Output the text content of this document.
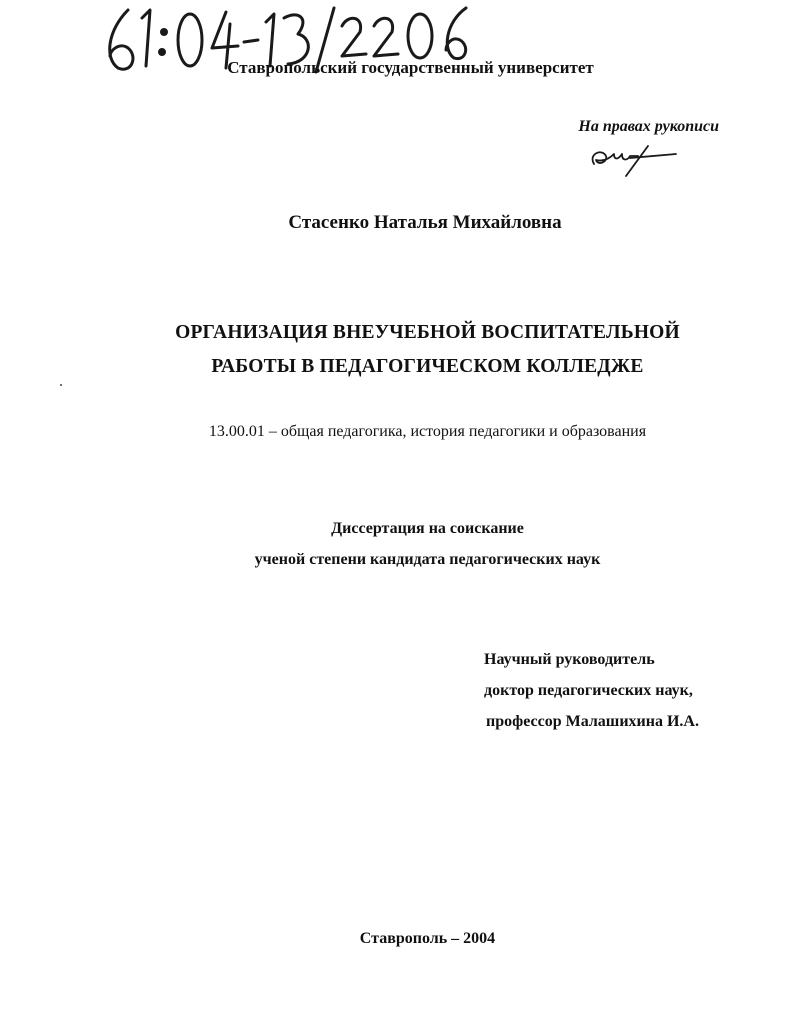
Ставропольский государственный университет
На правах рукописи
Стасенко Наталья Михайловна
ОРГАНИЗАЦИЯ ВНЕУЧЕБНОЙ ВОСПИТАТЕЛЬНОЙ
РАБОТЫ В ПЕДАГОГИЧЕСКОМ КОЛЛЕДЖЕ
13.00.01 – общая педагогика, история педагогики и образования
Диссертация на соискание
ученой степени кандидата педагогических наук
Научный руководитель
доктор педагогических наук,
профессор Малашихина И.А.
Ставрополь – 2004
